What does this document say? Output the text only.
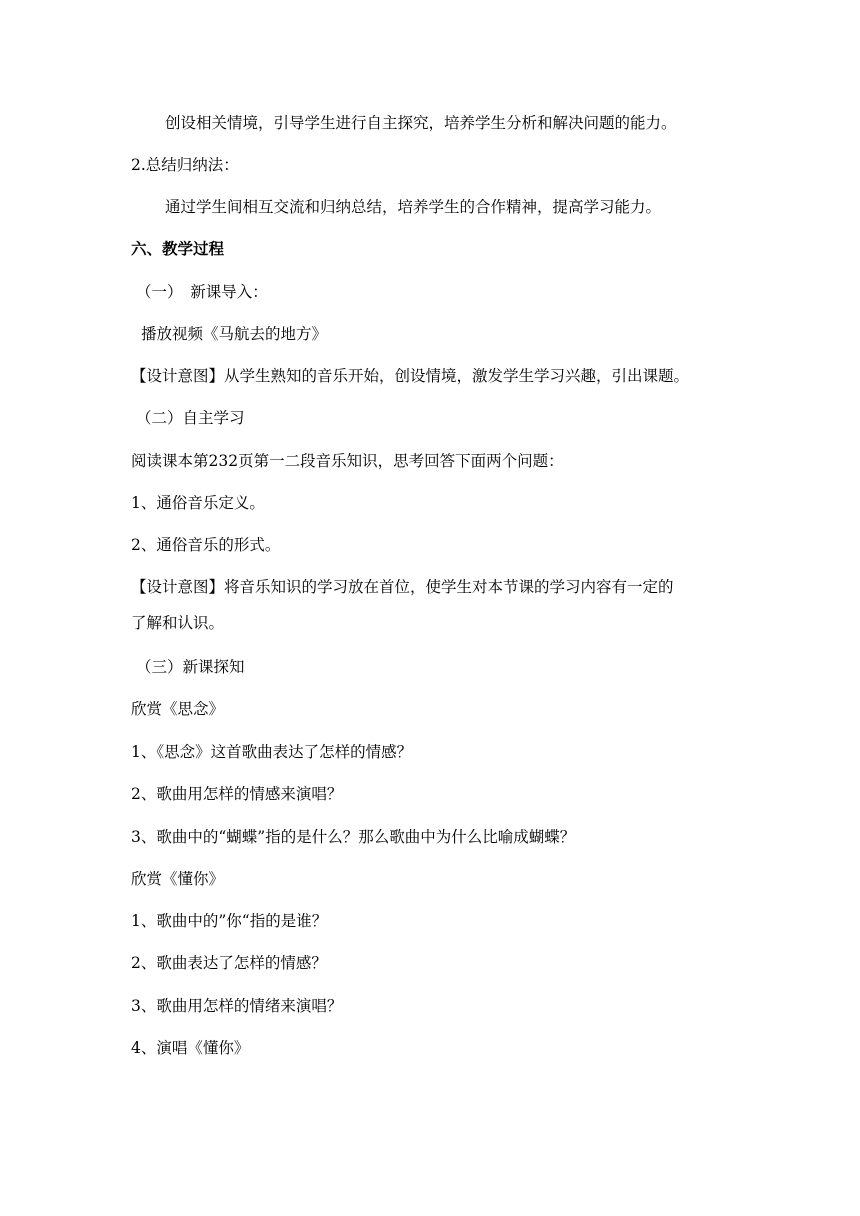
创设相关情境，引导学生进行自主探究，培养学生分析和解决问题的能力。
2.总结归纳法：
通过学生间相互交流和归纳总结，培养学生的合作精神，提高学习能力。
六、教学过程
（一）　新课导入：
播放视频《马航去的地方》
【设计意图】从学生熟知的音乐开始，创设情境，激发学生学习兴趣，引出课题。
（二）自主学习
阅读课本第232页第一二段音乐知识，思考回答下面两个问题：
1、通俗音乐定义。
2、通俗音乐的形式。
【设计意图】将音乐知识的学习放在首位，使学生对本节课的学习内容有一定的
了解和认识。
（三）新课探知
欣赏《思念》
1、《思念》这首歌曲表达了怎样的情感？
2、歌曲用怎样的情感来演唱？
3、歌曲中的“蝴蝶”指的是什么？那么歌曲中为什么比喻成蝴蝶？
欣赏《懂你》
1、歌曲中的”你“指的是谁？
2、歌曲表达了怎样的情感？
3、歌曲用怎样的情绪来演唱？
4、演唱《懂你》
